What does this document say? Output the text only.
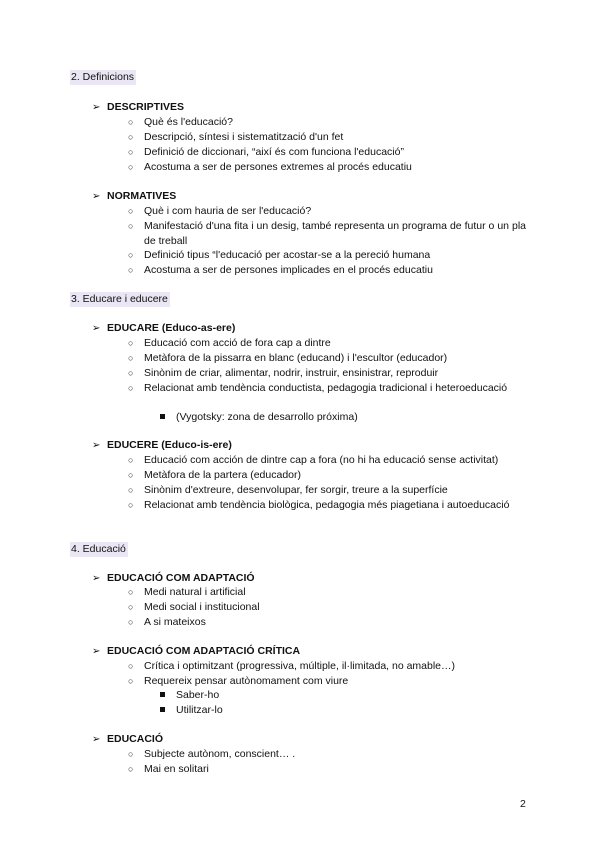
2. Definicions
➢ DESCRIPTIVES
○	Què és l'educació?
○	Descripció, síntesi i sistematització d'un fet
○	Definició de diccionari, “així és com funciona l'educació”
○	Acostuma a ser de persones extremes al procés educatiu
➢ NORMATIVES
○	Què i com hauria de ser l'educació?
○	Manifestació d'una fita i un desig, també representa un programa de futur o un pla de treball
○	Definició tipus “l'educació per acostar-se a la pereció humana
○	Acostuma a ser de persones implicades en el procés educatiu
3. Educare i educere
➢ EDUCARE (Educo-as-ere)
○	Educació com acció de fora cap a dintre
○	Metàfora de la pissarra en blanc (educand) i l'escultor (educador)
○	Sinònim de criar, alimentar, nodrir, instruir, ensinistrar, reproduir
○	Relacionat amb tendència conductista, pedagogia tradicional i heteroeducació
(Vygotsky: zona de desarrollo próxima)
➢ EDUCERE (Educo-is-ere)
○	Educació com acción de dintre cap a fora (no hi ha educació sense activitat)
○	Metàfora de la partera (educador)
○	Sinònim d'extreure, desenvolupar, fer sorgir, treure a la superfície
○	Relacionat amb tendència biològica, pedagogia més piagetiana i autoeducació
4. Educació
➢ EDUCACIÓ COM ADAPTACIÓ
○	Medi natural i artificial
○	Medi social i institucional
○	A si mateixos
➢ EDUCACIÓ COM ADAPTACIÓ CRÍTICA
○	Crítica i optimitzant (progressiva, múltiple, il·limitada, no amable…)
○	Requereix pensar autònomament com viure
Saber-ho
Utilitzar-lo
➢ EDUCACIÓ
○	Subjecte autònom, conscient… .
○	Mai en solitari
2
